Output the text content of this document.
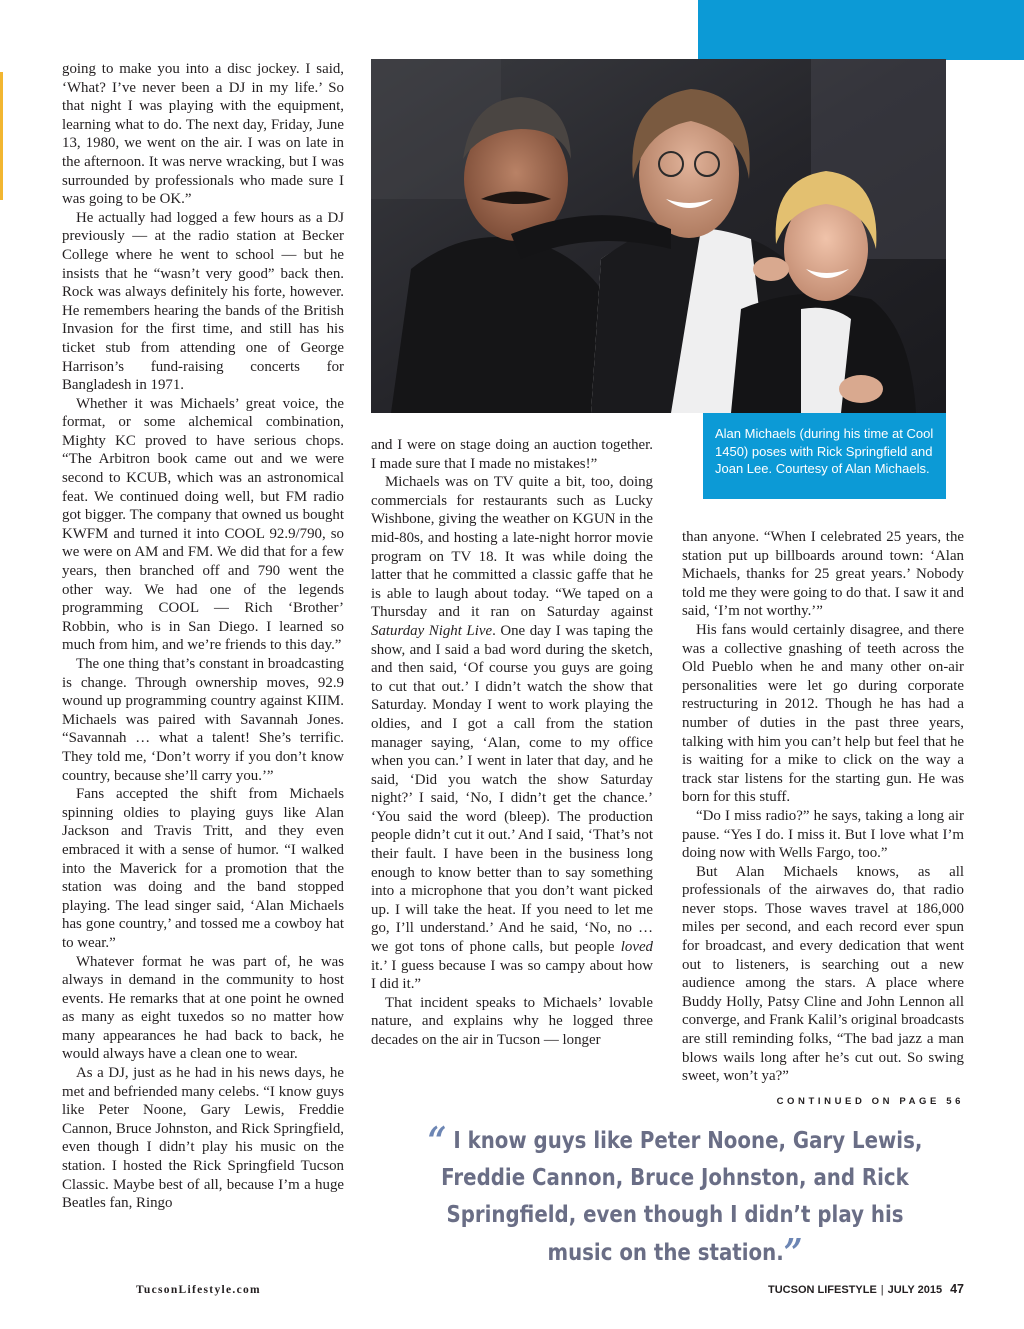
going to make you into a disc jockey. I said, ‘What? I’ve never been a DJ in my life.’ So that night I was playing with the equipment, learning what to do. The next day, Friday, June 13, 1980, we went on the air. I was on late in the afternoon. It was nerve wracking, but I was surrounded by professionals who made sure I was going to be OK.”

He actually had logged a few hours as a DJ previously — at the radio station at Becker College where he went to school — but he insists that he “wasn’t very good” back then. Rock was always definitely his forte, however. He remembers hearing the bands of the British Invasion for the first time, and still has his ticket stub from attending one of George Harrison’s fund-raising concerts for Bangladesh in 1971.

Whether it was Michaels’ great voice, the format, or some alchemical combination, Mighty KC proved to have serious chops. “The Arbitron book came out and we were second to KCUB, which was an astronomical feat. We continued doing well, but FM radio got bigger. The company that owned us bought KWFM and turned it into COOL 92.9/790, so we were on AM and FM. We did that for a few years, then branched off and 790 went the other way. We had one of the legends programming COOL — Rich ‘Brother’ Robbin, who is in San Diego. I learned so much from him, and we’re friends to this day.”

The one thing that’s constant in broadcasting is change. Through ownership moves, 92.9 wound up programming country against KIIM. Michaels was paired with Savannah Jones. “Savannah … what a talent! She’s terrific. They told me, ‘Don’t worry if you don’t know country, because she’ll carry you.’”

Fans accepted the shift from Michaels spinning oldies to playing guys like Alan Jackson and Travis Tritt, and they even embraced it with a sense of humor. “I walked into the Maverick for a promotion that the station was doing and the band stopped playing. The lead singer said, ‘Alan Michaels has gone country,’ and tossed me a cowboy hat to wear.”

Whatever format he was part of, he was always in demand in the community to host events. He remarks that at one point he owned as many as eight tuxedos so no matter how many appearances he had back to back, he would always have a clean one to wear.

As a DJ, just as he had in his news days, he met and befriended many celebs. “I know guys like Peter Noone, Gary Lewis, Freddie Cannon, Bruce Johnston, and Rick Springfield, even though I didn’t play his music on the station. I hosted the Rick Springfield Tucson Classic. Maybe best of all, because I’m a huge Beatles fan, Ringo

Alan Michaels (during his time at Cool 1450) poses with Rick Springfield and Joan Lee. Courtesy of Alan Michaels.

and I were on stage doing an auction together. I made sure that I made no mistakes!”

Michaels was on TV quite a bit, too, doing commercials for restaurants such as Lucky Wishbone, giving the weather on KGUN in the mid-80s, and hosting a late-night horror movie program on TV 18. It was while doing the latter that he committed a classic gaffe that he is able to laugh about today. “We taped on a Thursday and it ran on Saturday against Saturday Night Live. One day I was taping the show, and I said a bad word during the sketch, and then said, ‘Of course you guys are going to cut that out.’ I didn’t watch the show that Saturday. Monday I went to work playing the oldies, and I got a call from the station manager saying, ‘Alan, come to my office when you can.’ I went in later that day, and he said, ‘Did you watch the show Saturday night?’ I said, ‘No, I didn’t get the chance.’ ‘You said the word (bleep). The production people didn’t cut it out.’ And I said, ‘That’s not their fault. I have been in the business long enough to know better than to say something into a microphone that you don’t want picked up. I will take the heat. If you need to let me go, I’ll understand.’ And he said, ‘No, no … we got tons of phone calls, but people loved it.’ I guess because I was so campy about how I did it.”

That incident speaks to Michaels’ lovable nature, and explains why he logged three decades on the air in Tucson — longer

than anyone. “When I celebrated 25 years, the station put up billboards around town: ‘Alan Michaels, thanks for 25 great years.’ Nobody told me they were going to do that. I saw it and said, ‘I’m not worthy.’”

His fans would certainly disagree, and there was a collective gnashing of teeth across the Old Pueblo when he and many other on-air personalities were let go during corporate restructuring in 2012. Though he has had a number of duties in the past three years, talking with him you can’t help but feel that he is waiting for a mike to click on the way a track star listens for the starting gun. He was born for this stuff.

“Do I miss radio?” he says, taking a long air pause. “Yes I do. I miss it. But I love what I’m doing now with Wells Fargo, too.”

But Alan Michaels knows, as all professionals of the airwaves do, that radio never stops. Those waves travel at 186,000 miles per second, and each record ever spun for broadcast, and every dedication that went out to listeners, is searching out a new audience among the stars. A place where Buddy Holly, Patsy Cline and John Lennon all converge, and Frank Kalil’s original broadcasts are still reminding folks, “The bad jazz a man blows wails long after he’s cut out. So swing sweet, won’t ya?”

CONTINUED ON PAGE 56

“ I know guys like Peter Noone, Gary Lewis, Freddie Cannon, Bruce Johnston, and Rick Springfield, even though I didn’t play his music on the station.”

TucsonLifestyle.com	TUCSON LIFESTYLE | JULY 2015 47
